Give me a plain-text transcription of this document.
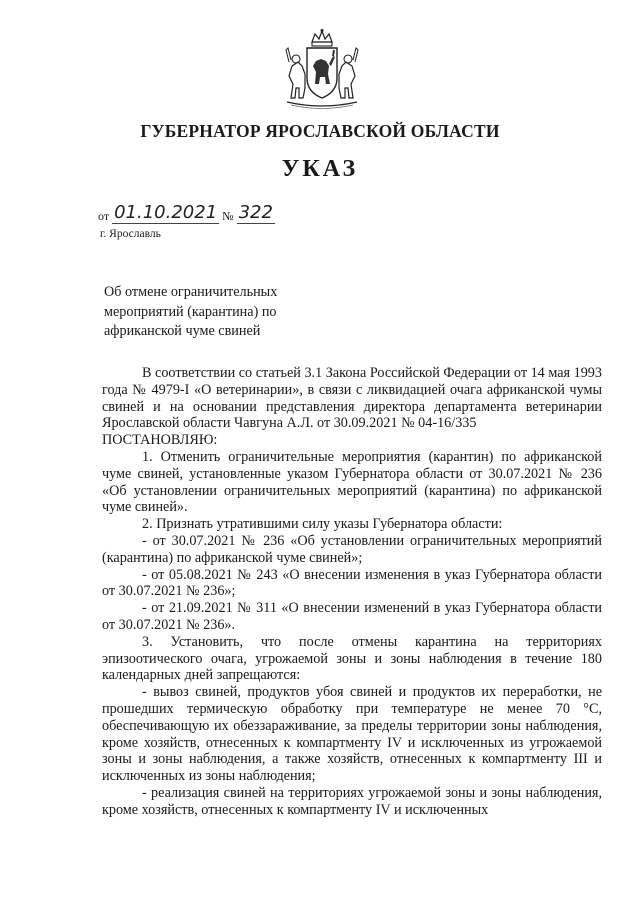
ГУБЕРНАТОР ЯРОСЛАВСКОЙ ОБЛАСТИ
УКАЗ
от 01.10.2021 № 322
г. Ярославль
Об отмене ограничительных мероприятий (карантина) по африканской чуме свиней

В соответствии со статьей 3.1 Закона Российской Федерации от 14 мая 1993 года № 4979-I «О ветеринарии», в связи с ликвидацией очага африканской чумы свиней и на основании представления директора департамента ветеринарии Ярославской области Чавгуна А.Л. от 30.09.2021 № 04-16/335

ПОСТАНОВЛЯЮ:

1. Отменить ограничительные мероприятия (карантин) по африканской чуме свиней, установленные указом Губернатора области от 30.07.2021 № 236 «Об установлении ограничительных мероприятий (карантина) по африканской чуме свиней».

2. Признать утратившими силу указы Губернатора области:

- от 30.07.2021 № 236 «Об установлении ограничительных мероприятий (карантина) по африканской чуме свиней»;

- от 05.08.2021 № 243 «О внесении изменения в указ Губернатора области от 30.07.2021 № 236»;

- от 21.09.2021 № 311 «О внесении изменений в указ Губернатора области от 30.07.2021 № 236».

3. Установить, что после отмены карантина на территориях эпизоотического очага, угрожаемой зоны и зоны наблюдения в течение 180 календарных дней запрещаются:

- вывоз свиней, продуктов убоя свиней и продуктов их переработки, не прошедших термическую обработку при температуре не менее 70 °С, обеспечивающую их обеззараживание, за пределы территории зоны наблюдения, кроме хозяйств, отнесенных к компартменту IV и исключенных из угрожаемой зоны и зоны наблюдения, а также хозяйств, отнесенных к компартменту III и исключенных из зоны наблюдения;

- реализация свиней на территориях угрожаемой зоны и зоны наблюдения, кроме хозяйств, отнесенных к компартменту IV и исключенных
